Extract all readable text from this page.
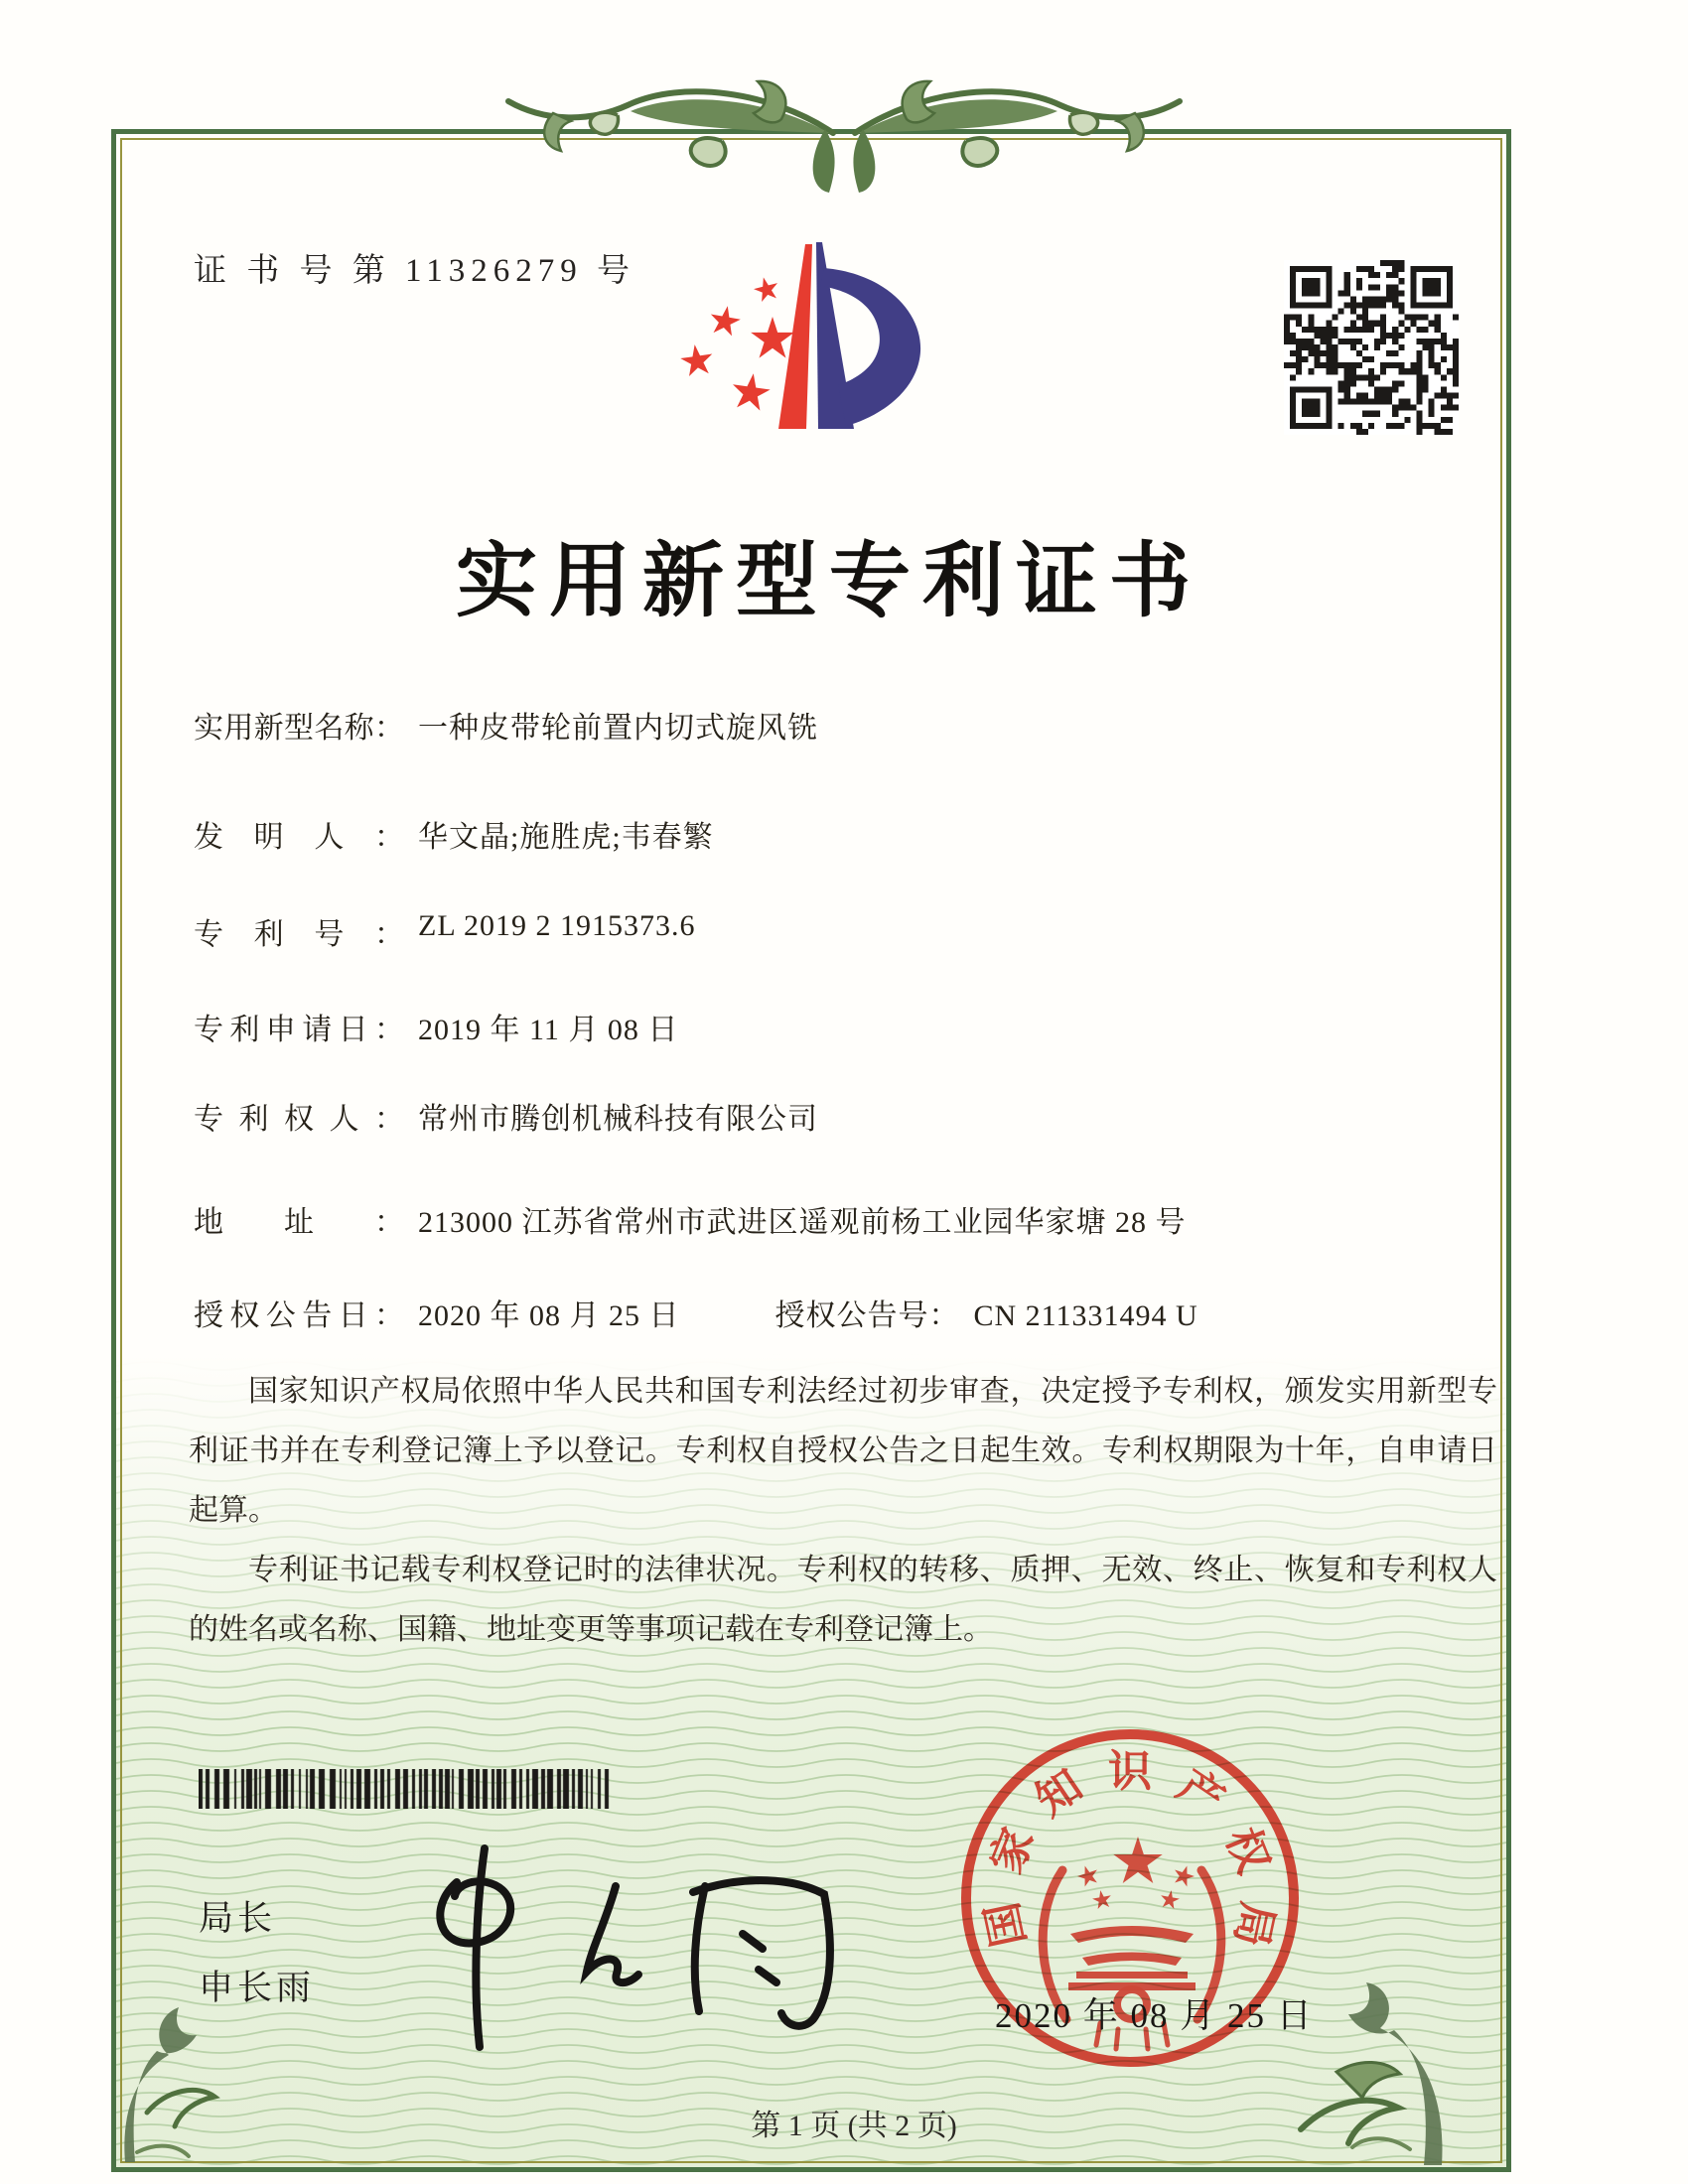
证 书 号 第 11326279 号
实用新型专利证书
实用新型名称： 一种皮带轮前置内切式旋风铣
发明人： 华文晶;施胜虎;韦春繁
专利号： ZL 2019 2 1915373.6
专利申请日： 2019 年 11 月 08 日
专利权人： 常州市腾创机械科技有限公司
地址： 213000 江苏省常州市武进区遥观前杨工业园华家塘 28 号
授权公告日： 2020 年 08 月 25 日	授权公告号： CN 211331494 U

国家知识产权局依照中华人民共和国专利法经过初步审查，决定授予专利权，颁发实用新型专利证书并在专利登记簿上予以登记。专利权自授权公告之日起生效。专利权期限为十年，自申请日起算。

专利证书记载专利权登记时的法律状况。专利权的转移、质押、无效、终止、恢复和专利权人的姓名或名称、国籍、地址变更等事项记载在专利登记簿上。

局长
申长雨
国
家
知 识 产
权
局
2020 年 08 月 25 日
第 1 页 (共 2 页)
